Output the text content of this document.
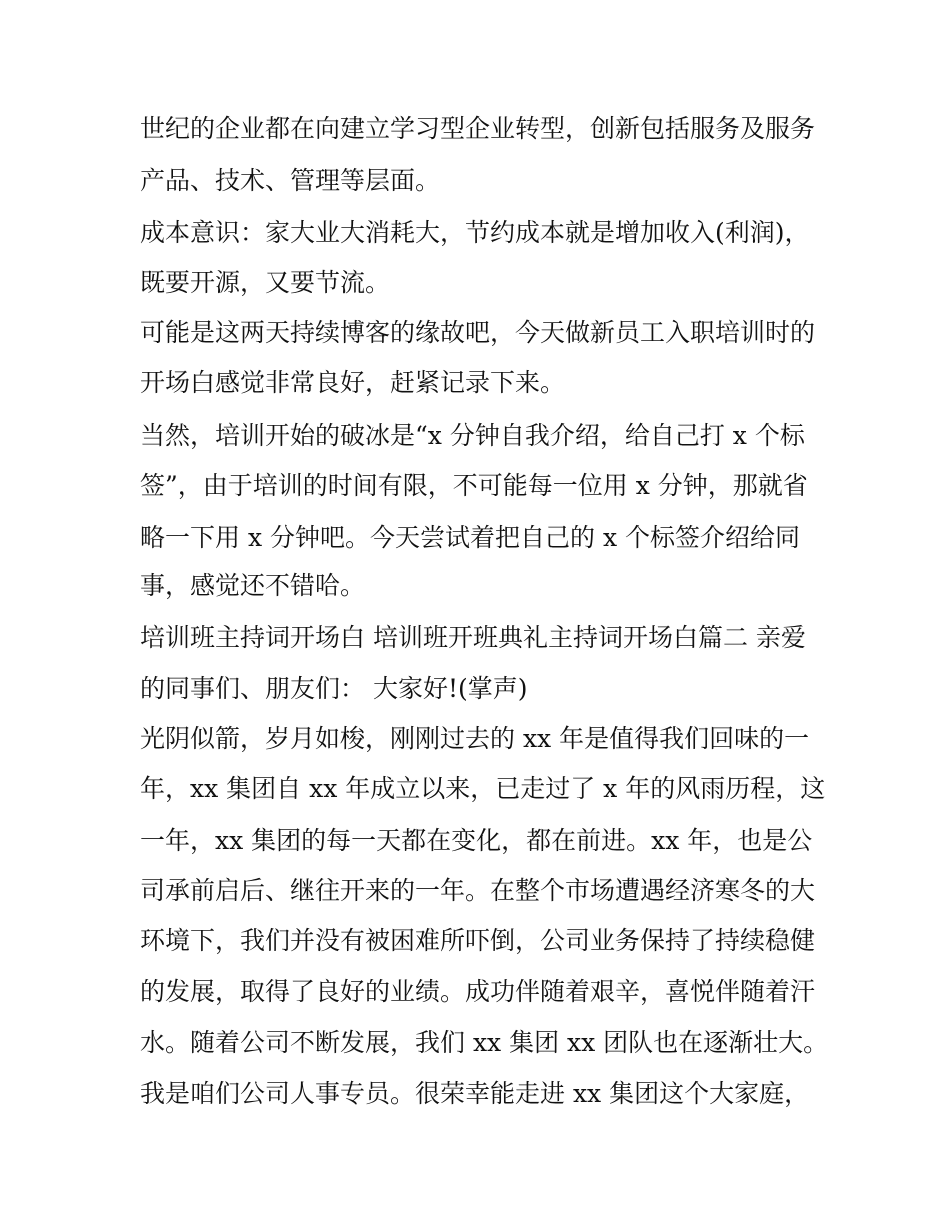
世纪的企业都在向建立学习型企业转型，创新包括服务及服务

产品、技术、管理等层面。

成本意识：家大业大消耗大，节约成本就是增加收入(利润)，

既要开源，又要节流。

可能是这两天持续博客的缘故吧，今天做新员工入职培训时的

开场白感觉非常良好，赶紧记录下来。

当然，培训开始的破冰是“x 分钟自我介绍，给自己打 x 个标

签”，由于培训的时间有限，不可能每一位用 x 分钟，那就省

略一下用 x 分钟吧。今天尝试着把自己的 x 个标签介绍给同

事，感觉还不错哈。

培训班主持词开场白 培训班开班典礼主持词开场白篇二 亲爱

的同事们、朋友们： 大家好!(掌声)

光阴似箭，岁月如梭，刚刚过去的 xx 年是值得我们回味的一

年，xx 集团自 xx 年成立以来，已走过了 x 年的风雨历程，这

一年，xx 集团的每一天都在变化，都在前进。xx 年，也是公

司承前启后、继往开来的一年。在整个市场遭遇经济寒冬的大

环境下，我们并没有被困难所吓倒，公司业务保持了持续稳健

的发展，取得了良好的业绩。成功伴随着艰辛，喜悦伴随着汗

水。随着公司不断发展，我们 xx 集团 xx 团队也在逐渐壮大。

我是咱们公司人事专员。很荣幸能走进 xx 集团这个大家庭，
